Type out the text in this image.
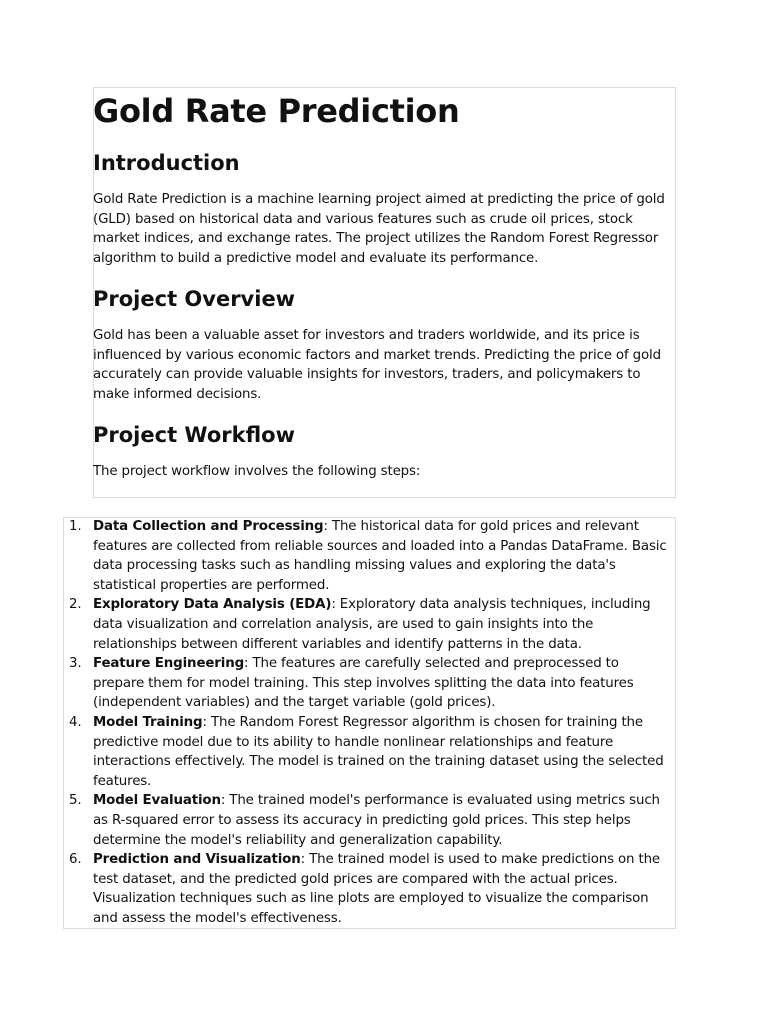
Gold Rate Prediction
Introduction

Gold Rate Prediction is a machine learning project aimed at predicting the price of gold (GLD) based on historical data and various features such as crude oil prices, stock market indices, and exchange rates. The project utilizes the Random Forest Regressor algorithm to build a predictive model and evaluate its performance.

Project Overview

Gold has been a valuable asset for investors and traders worldwide, and its price is influenced by various economic factors and market trends. Predicting the price of gold accurately can provide valuable insights for investors, traders, and policymakers to make informed decisions.

Project Workflow

The project workflow involves the following steps:

1. Data Collection and Processing: The historical data for gold prices and relevant features are collected from reliable sources and loaded into a Pandas DataFrame. Basic data processing tasks such as handling missing values and exploring the data's statistical properties are performed.
2. Exploratory Data Analysis (EDA): Exploratory data analysis techniques, including data visualization and correlation analysis, are used to gain insights into the relationships between different variables and identify patterns in the data.
3. Feature Engineering: The features are carefully selected and preprocessed to prepare them for model training. This step involves splitting the data into features (independent variables) and the target variable (gold prices).
4. Model Training: The Random Forest Regressor algorithm is chosen for training the predictive model due to its ability to handle nonlinear relationships and feature interactions effectively. The model is trained on the training dataset using the selected features.
5. Model Evaluation: The trained model's performance is evaluated using metrics such as R-squared error to assess its accuracy in predicting gold prices. This step helps determine the model's reliability and generalization capability.
6. Prediction and Visualization: The trained model is used to make predictions on the test dataset, and the predicted gold prices are compared with the actual prices. Visualization techniques such as line plots are employed to visualize the comparison and assess the model's effectiveness.
